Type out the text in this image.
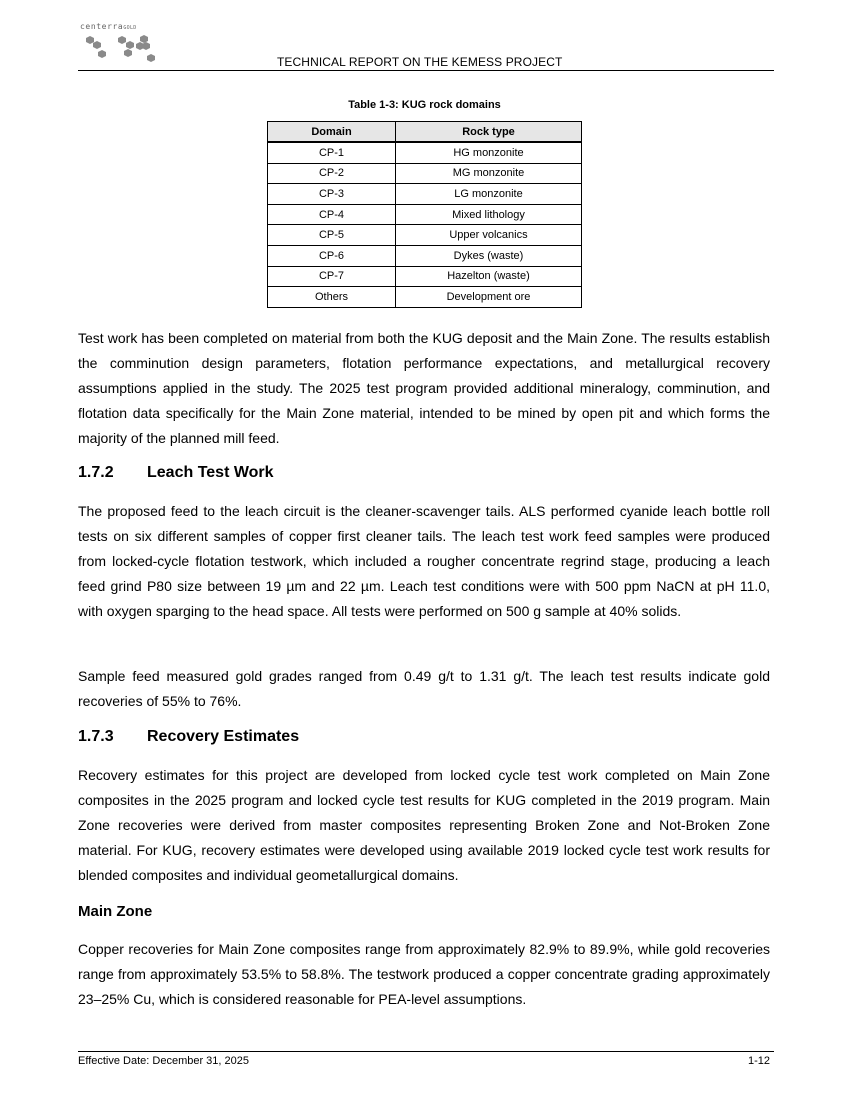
centerraGOLD
TECHNICAL REPORT ON THE KEMESS PROJECT
Table 1-3: KUG rock domains
Domain	Rock type
CP-1	HG monzonite
CP-2	MG monzonite
CP-3	LG monzonite
CP-4	Mixed lithology
CP-5	Upper volcanics
CP-6	Dykes (waste)
CP-7	Hazelton (waste)
Others	Development ore

Test work has been completed on material from both the KUG deposit and the Main Zone. The results establish the comminution design parameters, flotation performance expectations, and metallurgical recovery assumptions applied in the study. The 2025 test program provided additional mineralogy, comminution, and flotation data specifically for the Main Zone material, intended to be mined by open pit and which forms the majority of the planned mill feed.

1.7.2 Leach Test Work

The proposed feed to the leach circuit is the cleaner-scavenger tails. ALS performed cyanide leach bottle roll tests on six different samples of copper first cleaner tails. The leach test work feed samples were produced from locked-cycle flotation testwork, which included a rougher concentrate regrind stage, producing a leach feed grind P80 size between 19 µm and 22 µm. Leach test conditions were with 500 ppm NaCN at pH 11.0, with oxygen sparging to the head space. All tests were performed on 500 g sample at 40% solids.

Sample feed measured gold grades ranged from 0.49 g/t to 1.31 g/t. The leach test results indicate gold recoveries of 55% to 76%.

1.7.3 Recovery Estimates

Recovery estimates for this project are developed from locked cycle test work completed on Main Zone composites in the 2025 program and locked cycle test results for KUG completed in the 2019 program. Main Zone recoveries were derived from master composites representing Broken Zone and Not-Broken Zone material. For KUG, recovery estimates were developed using available 2019 locked cycle test work results for blended composites and individual geometallurgical domains.

Main Zone

Copper recoveries for Main Zone composites range from approximately 82.9% to 89.9%, while gold recoveries range from approximately 53.5% to 58.8%. The testwork produced a copper concentrate grading approximately 23–25% Cu, which is considered reasonable for PEA-level assumptions.

Effective Date: December 31, 2025	1-12
